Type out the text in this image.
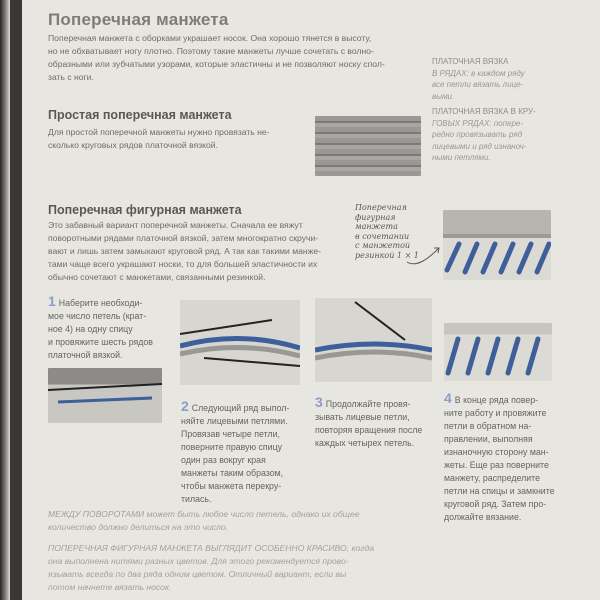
Поперечная манжета
Поперечная манжета с оборками украшает носок. Она хорошо тянется в высоту,
но не обхватывает ногу плотно. Поэтому такие манжеты лучше сочетать с волно-
образными или зубчатыми узорами, которые эластичны и не позволяют носку спол-
зать с ноги.
ПЛАТОЧНАЯ ВЯЗКА
В РЯДАХ: в каждом ряду
все петли вязать лице-
выми.
ПЛАТОЧНАЯ ВЯЗКА В КРУ-
ГОВЫХ РЯДАХ: попере-
редно провязывать ряд
лицевыми и ряд изнаноч-
ными петлями.
Простая поперечная манжета
Для простой поперечной манжеты нужно провязать не-
сколько круговых рядов платочной вязкой.
Поперечная фигурная манжета
Это забавный вариант поперечной манжеты. Сначала ее вяжут
поворотными рядами платочной вязкой, затем многократно скручи-
вают и лишь затем замыкают круговой ряд. А так как такими манже-
тами чаще всего украшают носки, то для большей эластичности их
обычно сочетают с манжетами, связанными резинкой.
Поперечная
фигурная
манжета
в сочетании
с манжетой
резинкой 1 × 1
1 Наберите необходи-
мое число петель (крат-
ное 4) на одну спицу
и провяжите шесть рядов
платочной вязкой.
2 Следующий ряд выпол-
няйте лицевыми петлями.
Провязав четыре петли,
поверните правую спицу
один раз вокруг края
манжеты таким образом,
чтобы манжета перекру-
тилась.
3 Продолжайте провя-
зывать лицевые петли,
повторяя вращения после
каждых четырех петель.
4 В конце ряда повер-
ните работу и провяжите
петли в обратном на-
правлении, выполняя
изнаночную сторону ман-
жеты. Еще раз поверните
манжету, распределите
петли на спицы и замкните
круговой ряд. Затем про-
должайте вязание.
МЕЖДУ ПОВОРОТАМИ может быть любое число петель, однако их общее
количество должно делиться на это число.
ПОПЕРЕЧНАЯ ФИГУРНАЯ МАНЖЕТА ВЫГЛЯДИТ ОСОБЕННО КРАСИВО, когда
она выполнена нитями разных цветов. Для этого рекомендуется прово-
язывать всегда по два ряда одним цветом. Отличный вариант, если вы
потом начнете вязать носок.
